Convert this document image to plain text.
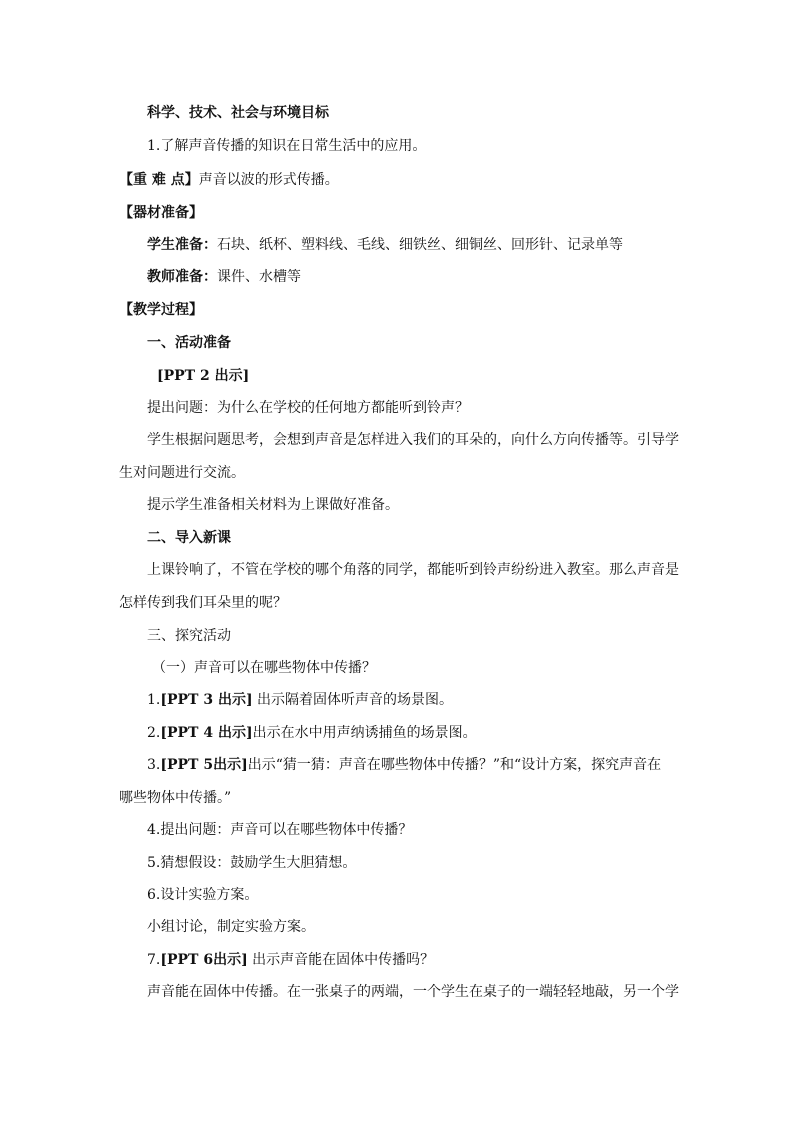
科学、技术、社会与环境目标
1.了解声音传播的知识在日常生活中的应用。
【重 难 点】声音以波的形式传播。
【器材准备】
学生准备：石块、纸杯、塑料线、毛线、细铁丝、细铜丝、回形针、记录单等
教师准备：课件、水槽等
【教学过程】
一、活动准备
[PPT 2 出示]
提出问题：为什么在学校的任何地方都能听到铃声？
学生根据问题思考，会想到声音是怎样进入我们的耳朵的，向什么方向传播等。引导学
生对问题进行交流。
提示学生准备相关材料为上课做好准备。
二、导入新课
上课铃响了，不管在学校的哪个角落的同学，都能听到铃声纷纷进入教室。那么声音是
怎样传到我们耳朵里的呢？
三、探究活动
（一）声音可以在哪些物体中传播？
1.[PPT 3 出示] 出示隔着固体听声音的场景图。
2.[PPT 4 出示]出示在水中用声纳诱捕鱼的场景图。
3.[PPT 5出示]出示“猜一猜：声音在哪些物体中传播？”和“设计方案，探究声音在
哪些物体中传播。”
4.提出问题：声音可以在哪些物体中传播？
5.猜想假设：鼓励学生大胆猜想。
6.设计实验方案。
小组讨论，制定实验方案。
7.[PPT 6出示] 出示声音能在固体中传播吗？
声音能在固体中传播。在一张桌子的两端，一个学生在桌子的一端轻轻地敲，另一个学
